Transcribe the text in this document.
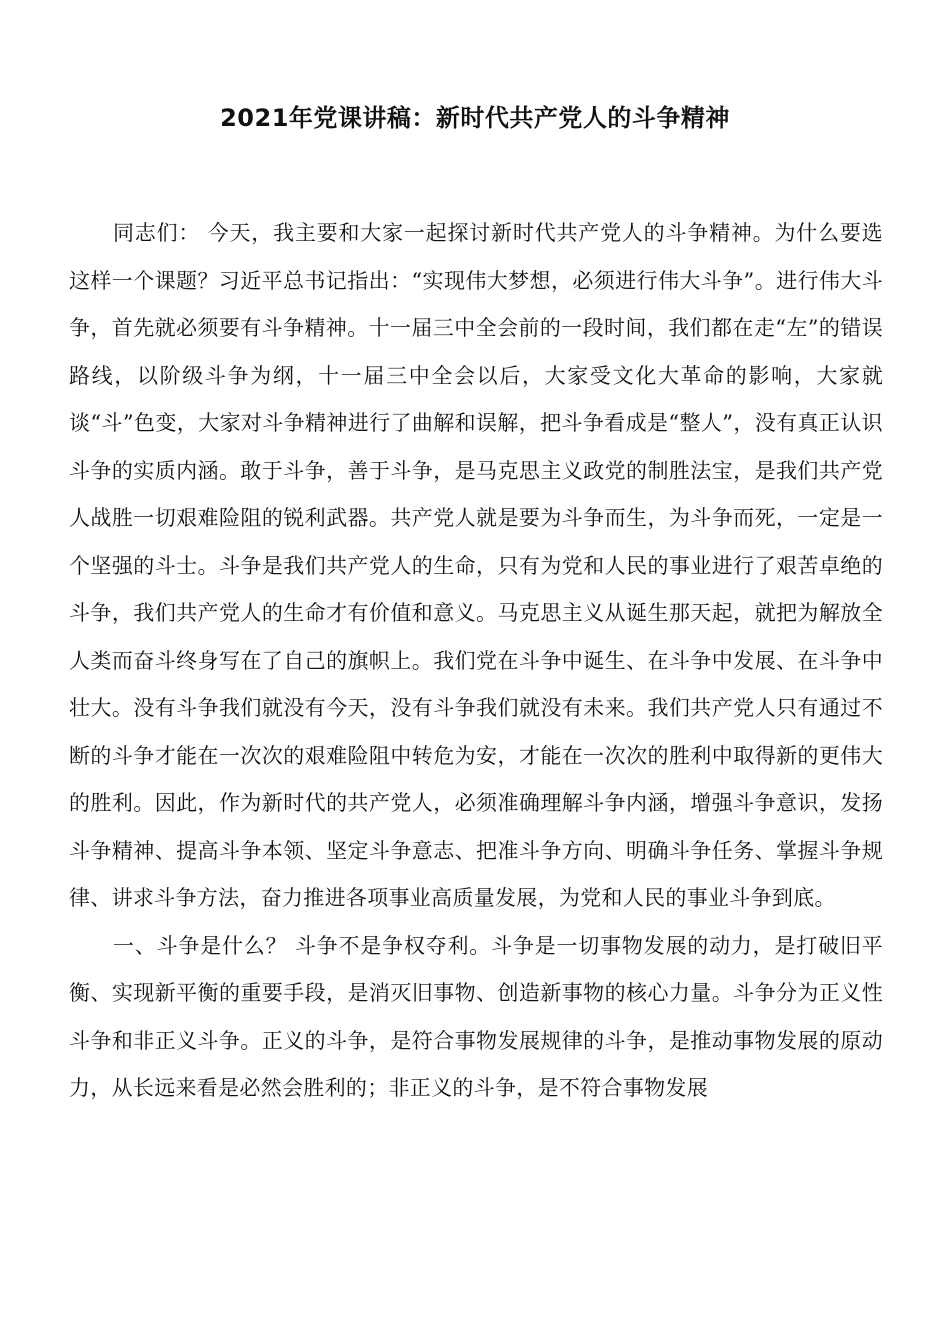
2021年党课讲稿：新时代共产党人的斗争精神

同志们： 今天，我主要和大家一起探讨新时代共产党人的斗争精神。为什么要选这样一个课题？习近平总书记指出：“实现伟大梦想，必须进行伟大斗争”。进行伟大斗争，首先就必须要有斗争精神。十一届三中全会前的一段时间，我们都在走“左”的错误路线，以阶级斗争为纲，十一届三中全会以后，大家受文化大革命的影响，大家就谈“斗”色变，大家对斗争精神进行了曲解和误解，把斗争看成是“整人”，没有真正认识斗争的实质内涵。敢于斗争，善于斗争，是马克思主义政党的制胜法宝，是我们共产党人战胜一切艰难险阻的锐利武器。共产党人就是要为斗争而生，为斗争而死，一定是一个坚强的斗士。斗争是我们共产党人的生命，只有为党和人民的事业进行了艰苦卓绝的斗争，我们共产党人的生命才有价值和意义。马克思主义从诞生那天起，就把为解放全人类而奋斗终身写在了自己的旗帜上。我们党在斗争中诞生、在斗争中发展、在斗争中壮大。没有斗争我们就没有今天，没有斗争我们就没有未来。我们共产党人只有通过不断的斗争才能在一次次的艰难险阻中转危为安，才能在一次次的胜利中取得新的更伟大的胜利。因此，作为新时代的共产党人，必须准确理解斗争内涵，增强斗争意识，发扬斗争精神、提高斗争本领、坚定斗争意志、把准斗争方向、明确斗争任务、掌握斗争规律、讲求斗争方法，奋力推进各项事业高质量发展，为党和人民的事业斗争到底。

一、斗争是什么？ 斗争不是争权夺利。斗争是一切事物发展的动力，是打破旧平衡、实现新平衡的重要手段，是消灭旧事物、创造新事物的核心力量。斗争分为正义性斗争和非正义斗争。正义的斗争，是符合事物发展规律的斗争，是推动事物发展的原动力，从长远来看是必然会胜利的；非正义的斗争，是不符合事物发展
